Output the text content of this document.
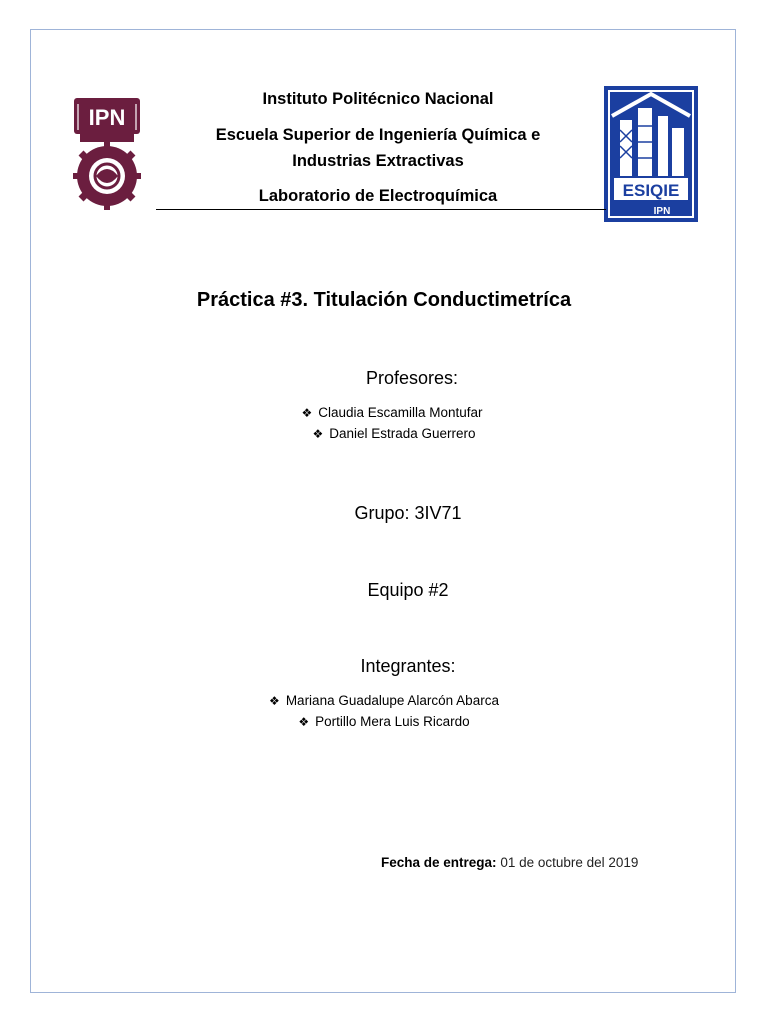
IPN
ESIQIE
IPN
Instituto Politécnico Nacional
Escuela Superior de Ingeniería Química e
Industrias Extractivas
Laboratorio de Electroquímica
Práctica #3. Titulación Conductimetríca
Profesores:
❖ Claudia Escamilla Montufar
❖ Daniel Estrada Guerrero
Grupo: 3IV71
Equipo #2
Integrantes:
❖ Mariana Guadalupe Alarcón Abarca
❖ Portillo Mera Luis Ricardo
Fecha de entrega: 01 de octubre del 2019
